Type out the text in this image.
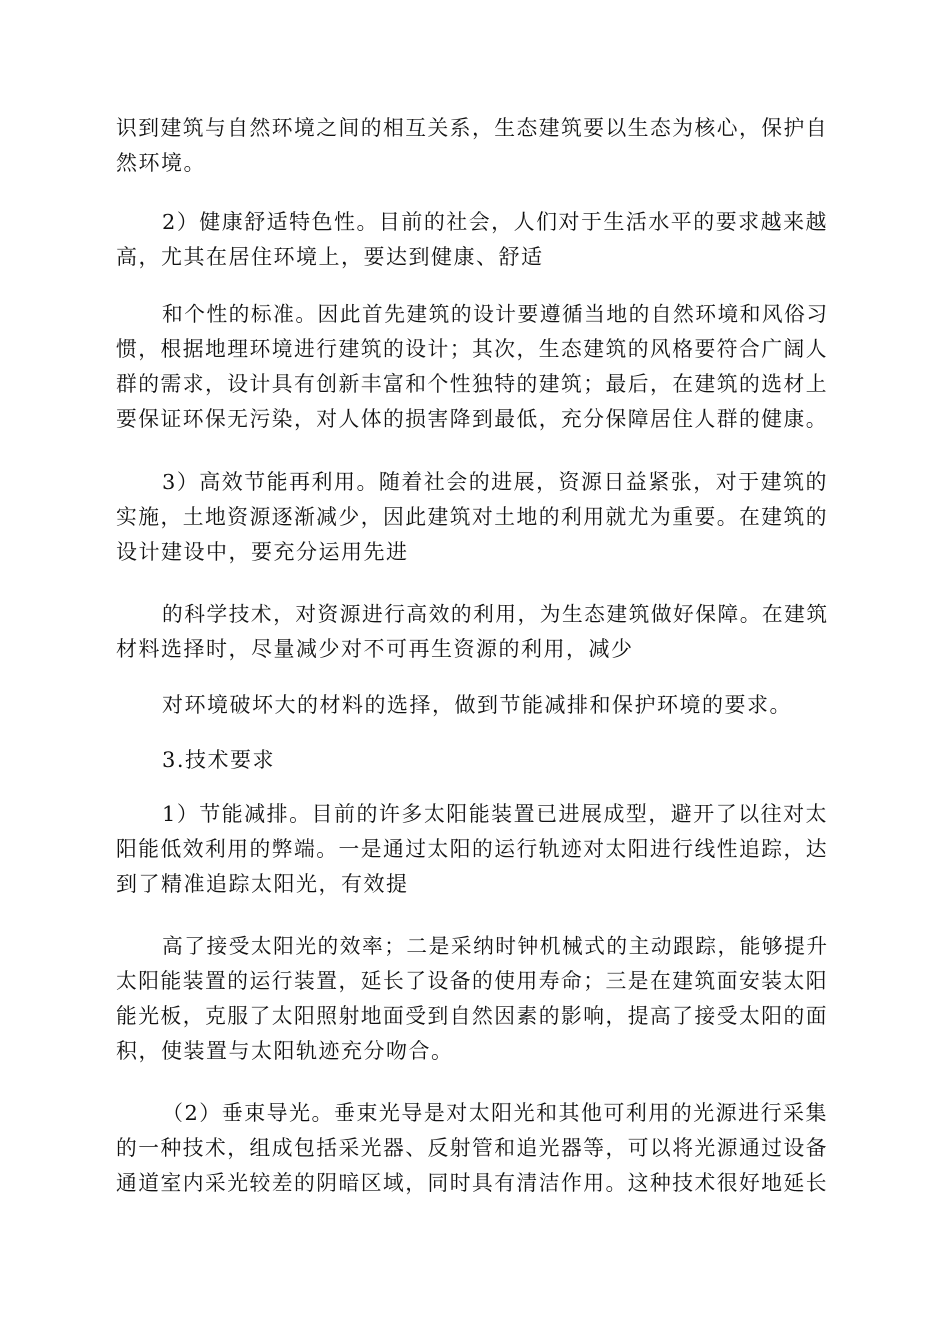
识到建筑与自然环境之间的相互关系，生态建筑要以生态为核心，保护自
然环境。
2）健康舒适特色性。目前的社会，人们对于生活水平的要求越来越
高，尤其在居住环境上，要达到健康、舒适
和个性的标准。因此首先建筑的设计要遵循当地的自然环境和风俗习
惯，根据地理环境进行建筑的设计；其次，生态建筑的风格要符合广阔人
群的需求，设计具有创新丰富和个性独特的建筑；最后，在建筑的选材上
要保证环保无污染，对人体的损害降到最低，充分保障居住人群的健康。
3）高效节能再利用。随着社会的进展，资源日益紧张，对于建筑的
实施，土地资源逐渐减少，因此建筑对土地的利用就尤为重要。在建筑的
设计建设中，要充分运用先进
的科学技术，对资源进行高效的利用，为生态建筑做好保障。在建筑
材料选择时，尽量减少对不可再生资源的利用，减少
对环境破坏大的材料的选择，做到节能减排和保护环境的要求。
3.技术要求
1）节能减排。目前的许多太阳能装置已进展成型，避开了以往对太
阳能低效利用的弊端。一是通过太阳的运行轨迹对太阳进行线性追踪，达
到了精准追踪太阳光，有效提
高了接受太阳光的效率；二是采纳时钟机械式的主动跟踪，能够提升
太阳能装置的运行装置，延长了设备的使用寿命；三是在建筑面安装太阳
能光板，克服了太阳照射地面受到自然因素的影响，提高了接受太阳的面
积，使装置与太阳轨迹充分吻合。
（2）垂束导光。垂束光导是对太阳光和其他可利用的光源进行采集
的一种技术，组成包括采光器、反射管和追光器等，可以将光源通过设备
通道室内采光较差的阴暗区域，同时具有清洁作用。这种技术很好地延长
